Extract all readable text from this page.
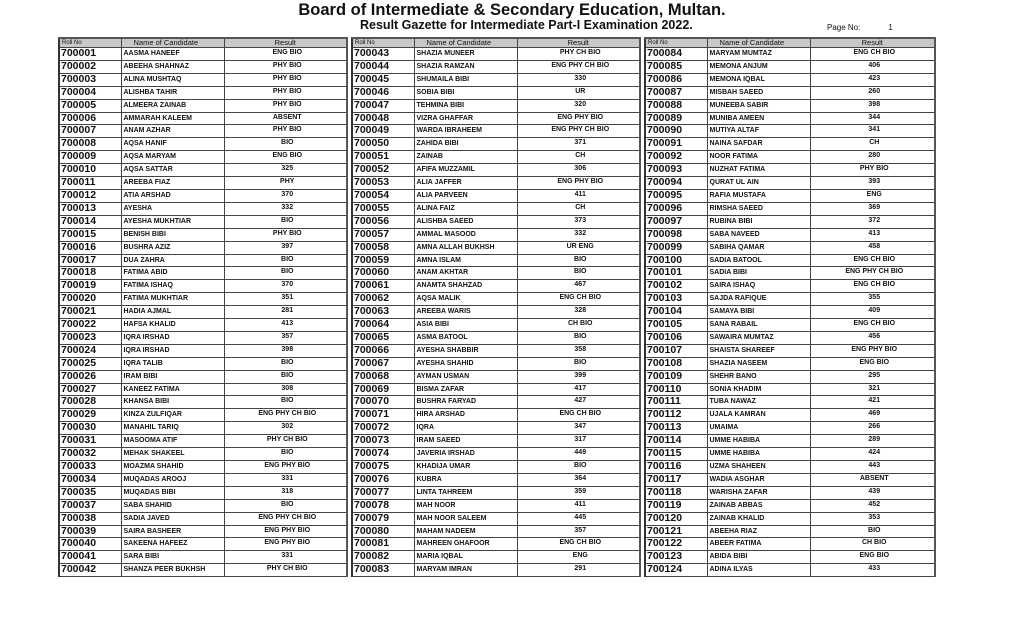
Board of Intermediate & Secondary Education, Multan.
Result Gazette for Intermediate Part-I Examination 2022.	Page No:	1
Roll No	Name of Candidate	Result
700001	AASMA HANEEF	ENG BIO
700002	ABEEHA SHAHNAZ	PHY BIO
700003	ALINA MUSHTAQ	PHY BIO
700004	ALISHBA TAHIR	PHY BIO
700005	ALMEERA ZAINAB	PHY BIO
700006	AMMARAH KALEEM	ABSENT
700007	ANAM AZHAR	PHY BIO
700008	AQSA HANIF	BIO
700009	AQSA MARYAM	ENG BIO
700010	AQSA SATTAR	325
700011	AREEBA FIAZ	PHY
700012	ATIA ARSHAD	370
700013	AYESHA	332
700014	AYESHA MUKHTIAR	BIO
700015	BENISH BIBI	PHY BIO
700016	BUSHRA AZIZ	397
700017	DUA ZAHRA	BIO
700018	FATIMA ABID	BIO
700019	FATIMA ISHAQ	370
700020	FATIMA MUKHTIAR	351
700021	HADIA AJMAL	281
700022	HAFSA KHALID	413
700023	IQRA IRSHAD	357
700024	IQRA IRSHAD	398
700025	IQRA TALIB	BIO
700026	IRAM BIBI	BIO
700027	KANEEZ FATIMA	308
700028	KHANSA BIBI	BIO
700029	KINZA ZULFIQAR	ENG PHY CH BIO
700030	MANAHIL TARIQ	302
700031	MASOOMA ATIF	PHY CH BIO
700032	MEHAK SHAKEEL	BIO
700033	MOAZMA SHAHID	ENG PHY BIO
700034	MUQADAS AROOJ	331
700035	MUQADAS BIBI	318
700037	SABA SHAHID	BIO
700038	SADIA JAVED	ENG PHY CH BIO
700039	SAIRA BASHEER	ENG PHY BIO
700040	SAKEENA HAFEEZ	ENG PHY BIO
700041	SARA BIBI	331
700042	SHANZA PEER BUKHSH	PHY CH BIO
Roll No	Name of Candidate	Result
700043	SHAZIA MUNEER	PHY CH BIO
700044	SHAZIA RAMZAN	ENG PHY CH BIO
700045	SHUMAILA BIBI	330
700046	SOBIA BIBI	UR
700047	TEHMINA BIBI	320
700048	VIZRA GHAFFAR	ENG PHY BIO
700049	WARDA IBRAHEEM	ENG PHY CH BIO
700050	ZAHIDA BIBI	371
700051	ZAINAB	CH
700052	AFIFA MUZZAMIL	306
700053	ALIA JAFFER	ENG PHY BIO
700054	ALIA PARVEEN	411
700055	ALINA FAIZ	CH
700056	ALISHBA SAEED	373
700057	AMMAL MASOOD	332
700058	AMNA ALLAH BUKHSH	UR ENG
700059	AMNA ISLAM	BIO
700060	ANAM AKHTAR	BIO
700061	ANAMTA SHAHZAD	467
700062	AQSA MALIK	ENG CH BIO
700063	AREEBA WARIS	328
700064	ASIA BIBI	CH BIO
700065	ASMA BATOOL	BIO
700066	AYESHA SHABBIR	358
700067	AYESHA SHAHID	BIO
700068	AYMAN USMAN	399
700069	BISMA ZAFAR	417
700070	BUSHRA FARYAD	427
700071	HIRA ARSHAD	ENG CH BIO
700072	IQRA	347
700073	IRAM SAEED	317
700074	JAVERIA IRSHAD	449
700075	KHADIJA UMAR	BIO
700076	KUBRA	364
700077	LINTA TAHREEM	359
700078	MAH NOOR	411
700079	MAH NOOR SALEEM	445
700080	MAHAM NADEEM	357
700081	MAHREEN GHAFOOR	ENG CH BIO
700082	MARIA IQBAL	ENG
700083	MARYAM IMRAN	291
Roll No	Name of Candidate	Result
700084	MARYAM MUMTAZ	ENG CH BIO
700085	MEMONA ANJUM	406
700086	MEMONA IQBAL	423
700087	MISBAH SAEED	260
700088	MUNEEBA SABIR	398
700089	MUNIBA AMEEN	344
700090	MUTIYA ALTAF	341
700091	NAINA SAFDAR	CH
700092	NOOR FATIMA	280
700093	NUZHAT FATIMA	PHY BIO
700094	QURAT UL AIN	393
700095	RAFIA MUSTAFA	ENG
700096	RIMSHA SAEED	369
700097	RUBINA BIBI	372
700098	SABA NAVEED	413
700099	SABIHA QAMAR	458
700100	SADIA BATOOL	ENG CH BIO
700101	SADIA BIBI	ENG PHY CH BIO
700102	SAIRA ISHAQ	ENG CH BIO
700103	SAJDA RAFIQUE	355
700104	SAMAYA BIBI	409
700105	SANA RABAIL	ENG CH BIO
700106	SAWAIRA MUMTAZ	456
700107	SHAISTA SHAREEF	ENG PHY BIO
700108	SHAZIA NASEEM	ENG BIO
700109	SHEHR BANO	295
700110	SONIA KHADIM	321
700111	TUBA NAWAZ	421
700112	UJALA KAMRAN	469
700113	UMAIMA	266
700114	UMME HABIBA	289
700115	UMME HABIBA	424
700116	UZMA SHAHEEN	443
700117	WADIA ASGHAR	ABSENT
700118	WARISHA ZAFAR	439
700119	ZAINAB ABBAS	452
700120	ZAINAB KHALID	353
700121	ABEEHA RIAZ	BIO
700122	ABEER FATIMA	CH BIO
700123	ABIDA BIBI	ENG BIO
700124	ADINA ILYAS	433
